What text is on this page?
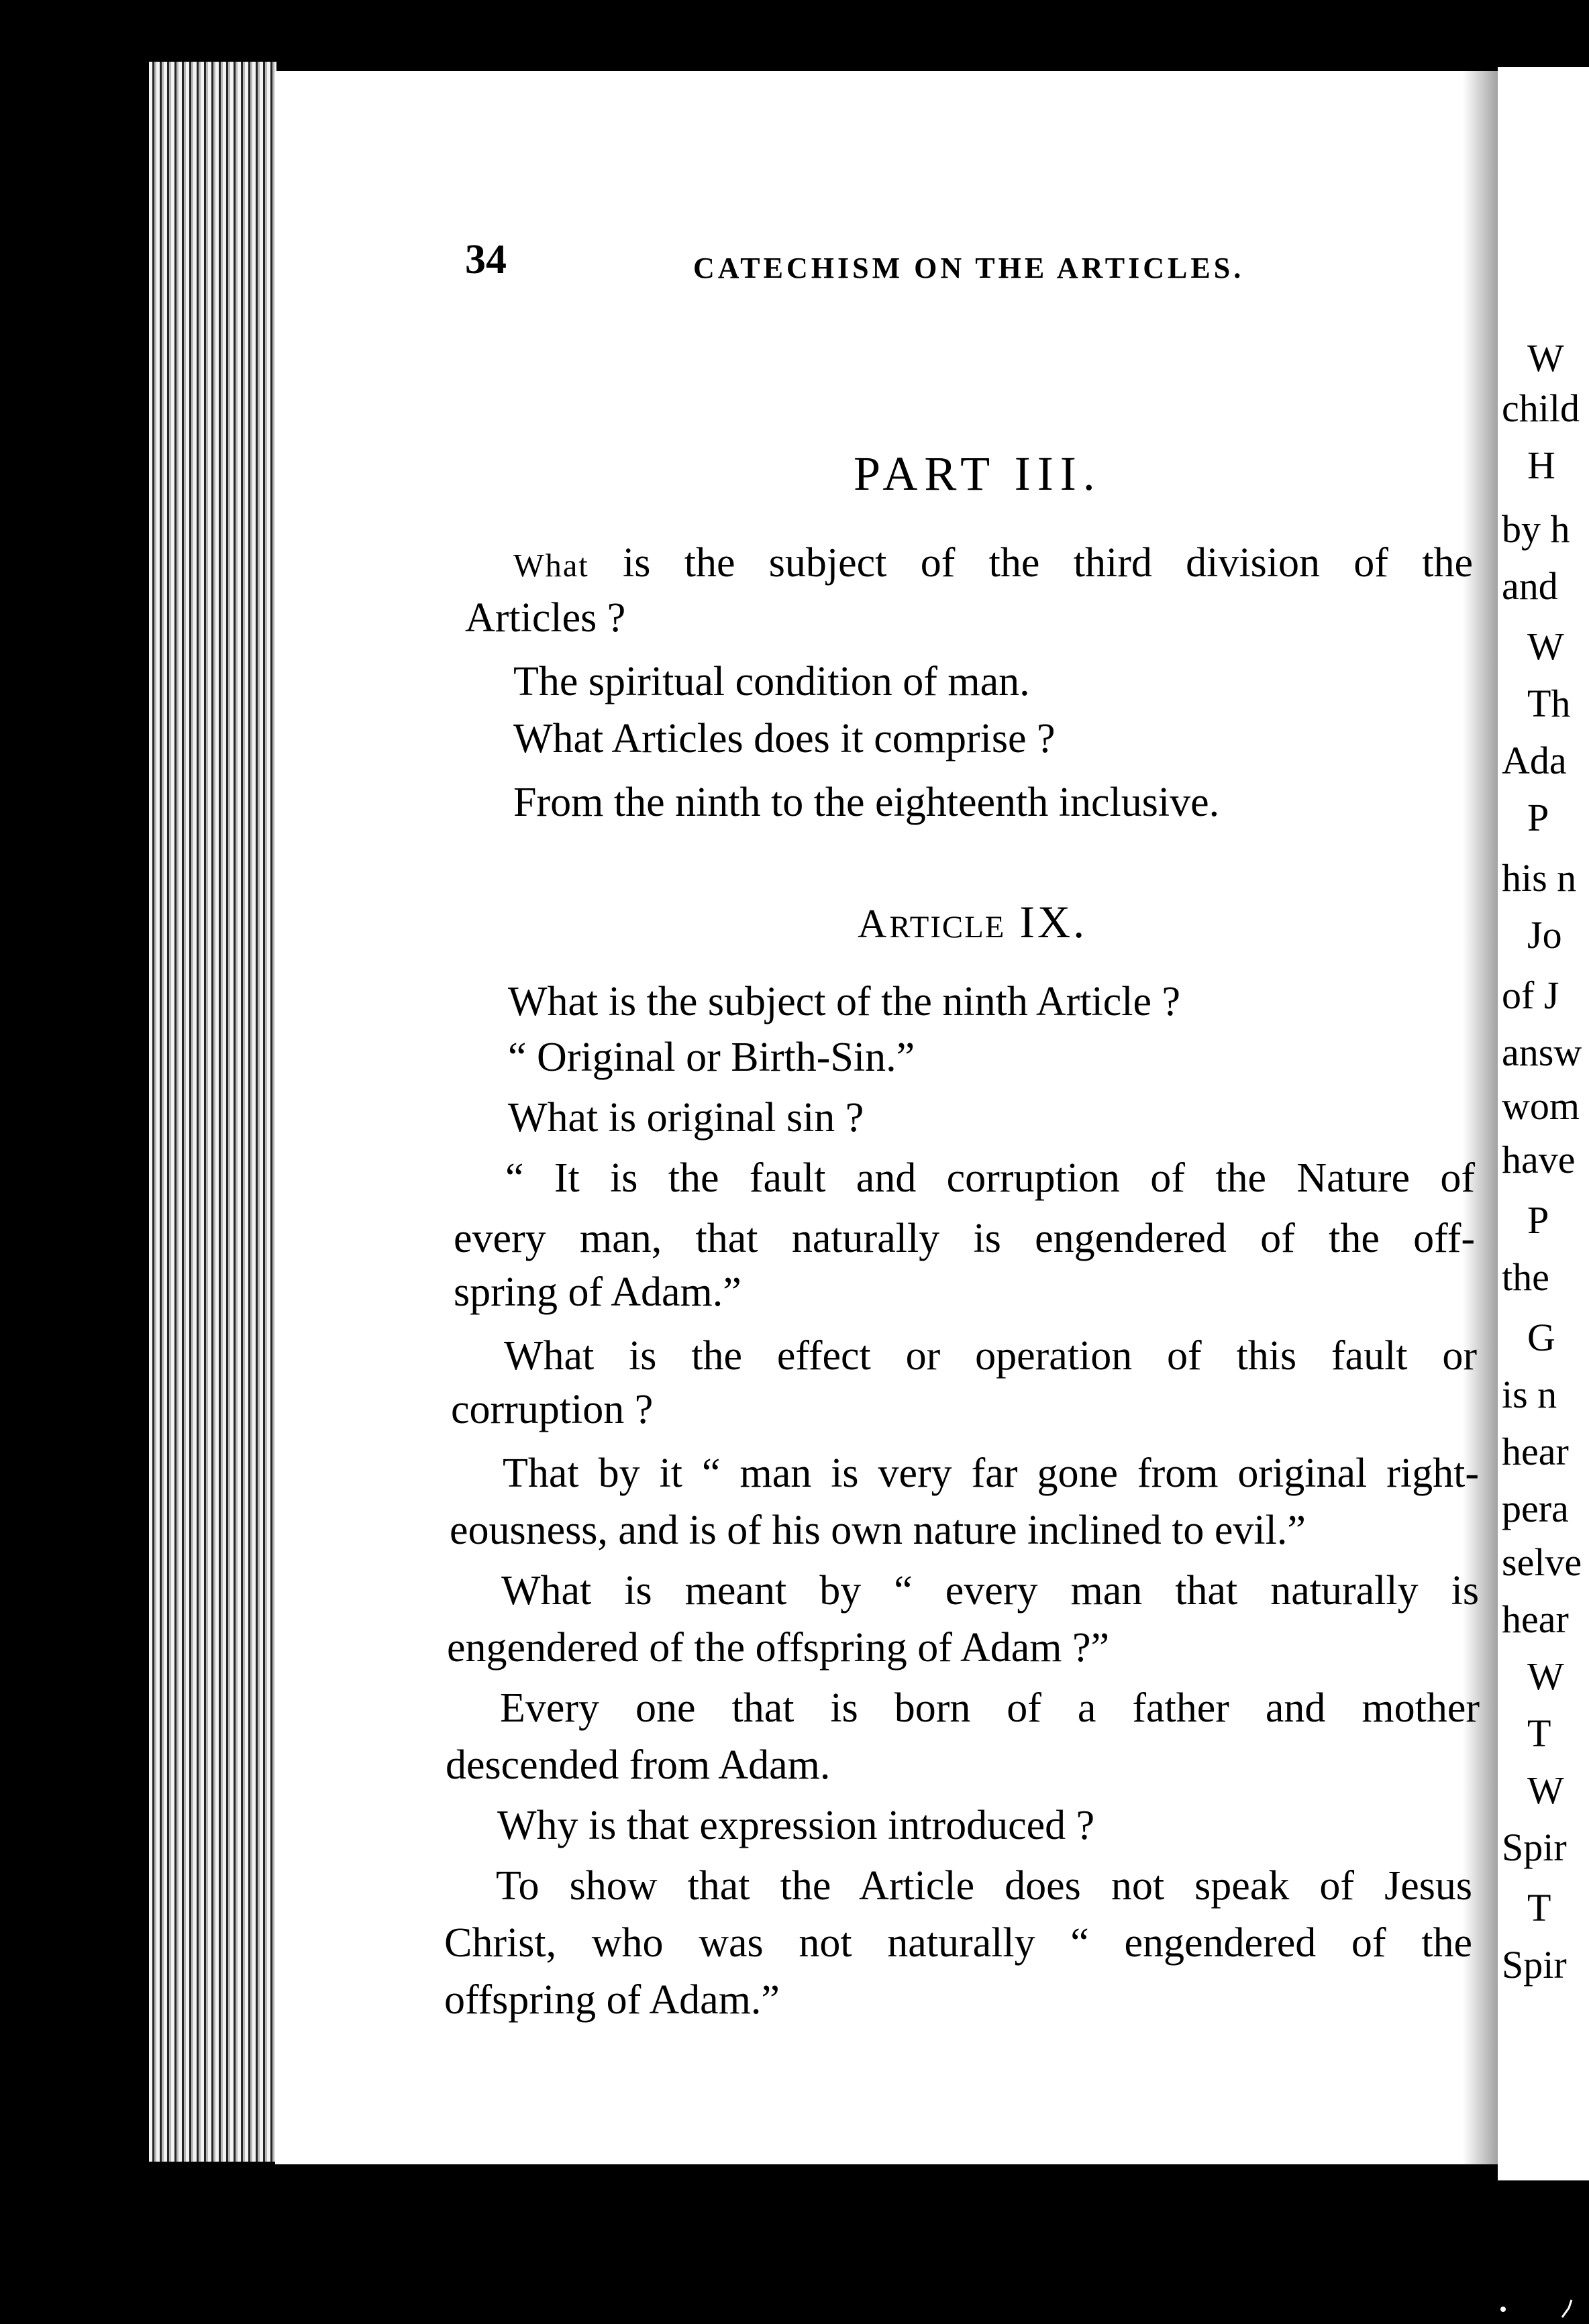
W
child
H
by h
and
W
Th
Ada
P
his n
Jo
of J
answ
wom
have
P
the
G
is n
hear
pera
selve
hear
W
T
W
Spir
T
Spir
34	CATECHISM ON THE ARTICLES.
PART III.
What is the subject of the third division of the
Articles ?
The spiritual condition of man.
What Articles does it comprise ?
From the ninth to the eighteenth inclusive.
ARTICLE IX.
What is the subject of the ninth Article ?
“ Original or Birth-Sin.”
What is original sin ?
“ It is the fault and corruption of the Nature of
every man, that naturally is engendered of the off-
spring of Adam.”
What is the effect or operation of this fault or
corruption ?
That by it “ man is very far gone from original right-
eousness, and is of his own nature inclined to evil.”
What is meant by “ every man that naturally is
engendered of the offspring of Adam ?”
Every one that is born of a father and mother
descended from Adam.
Why is that expression introduced ?
To show that the Article does not speak of Jesus
Christ, who was not naturally “ engendered of the
offspring of Adam.”
